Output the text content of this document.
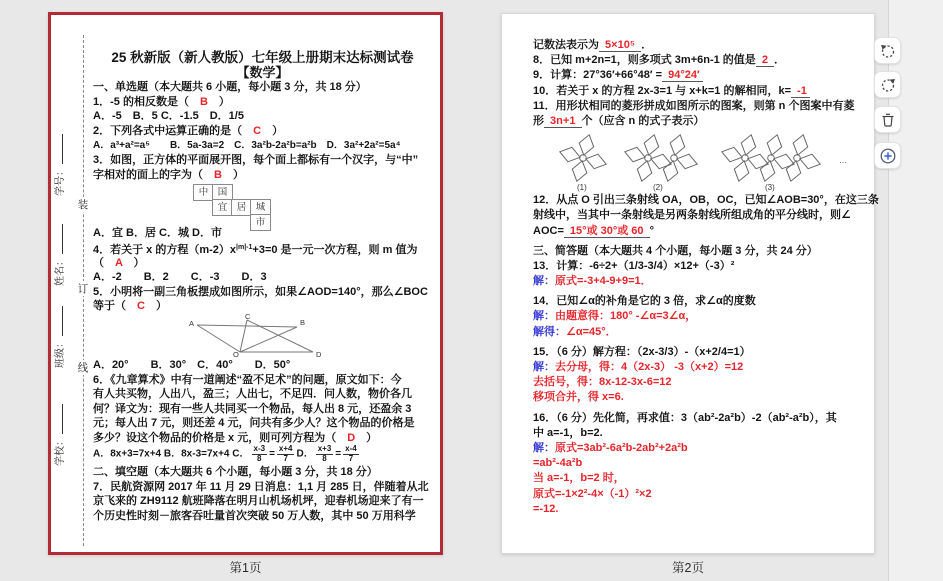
装
订
线
学号：
姓名：
班级：
学校：
25 秋新版（新人教版）七年级上册期末达标测试卷
【数学】
一、单选题（本大题共 6 小题，每小题 3 分，共 18 分）
1．-5 的相反数是（　B　）
A．-5　B．5 C．-1.5　D．1/5
2．下列各式中运算正确的是（　C　）
A．a³+a²=a⁵　　B．5a-3a=2　C．3a²b-2a²b=a²b　D．3a²+2a²=5a⁴
3．如图，正方体的平面展开图，每个面上都标有一个汉字，与“中”
字相对的面上的字为（　B　）
中 国
宜 居 城
市
A．宜 B．居 C．城 D．市
4．若关于 x 的方程$(m-2)x^{|m|-1}+3=0$ 是一元一次方程，则 m 值为
（　A　）
A．-2　　B．2　　C．-3　　D．3
5．小明将一副三角板摆成如图所示，如果∠AOD=140°，那么∠BOC
等于（　C　）
A
C
B
O	D
A．20°　　B．30°　C．40°　　D．50°
6．《九章算术》中有一道阐述“盈不足术”的问题，原文如下：今
有人共买物，人出八，盈三；人出七，不足四．问人数，物价各几
何？译文为：现有一些人共同买一个物品，每人出 8 元，还盈余 3
元；每人出 7 元，则还差 4 元，问共有多少人？这个物品的价格是
多少？设这个物品的价格是 x 元，则可列方程为（　D　）
A．8x+3=7x+4 B．8x-3=7x+4 C． $\frac{x-3}{8} = \frac{x+4}{7}$ D． $\frac{x+3}{8} = \frac{x-4}{7}$
二、填空题（本大题共 6 个小题，每小题 3 分，共 18 分）
7．民航资源网 2017 年 11 月 29 日消息：1,1 月 285 日，伴随着从北
京飞来的 ZH9112 航班降落在明月山机场机坪，迎春机场迎来了有一
个历史性时刻－旅客吞吐量首次突破 50 万人数，其中 50 万用科学
记数法表示为 5×10⁵ ．
8．已知 m+2n=1，则多项式 3m+6n-1 的值是 2 ．
9．计算：27°36′+66°48′ = 94°24′
10．若关于 x 的方程 2x-3=1 与 x+k=1 的解相同，k= -1
11．用形状相同的菱形拼成如图所示的图案，则第 n 个图案中有菱
形 3n+1 个（应含 n 的式子表示）
(1)	(2)	(3)
···
12．从点 O 引出三条射线 OA，OB，OC，已知∠AOB=30°，在这三条
射线中，当其中一条射线是另两条射线所组成角的平分线时，则∠
AOC= 15°或 30°或 60 °
三、简答题（本大题共 4 个小题，每小题 3 分，共 24 分）
13．计算：-6÷2+（1/3-3/4）×12+（-3）²
解：原式=-3+4-9+9=1．
14．已知∠α的补角是它的 3 倍，求∠α的度数
解：由题意得：180° -∠α=3∠α，
解得：∠α=45°．
15．（6 分）解方程：（2x-3/3）-（x+2/4=1）
解：去分母，得：4（2x-3） -3（x+2）=12
去括号，得：8x-12-3x-6=12
移项合并，得 x=6.
16．（6 分）先化简，再求值：3（ab²-2a²b）-2（ab²-a²b），其
中 a=-1，b=2.
解：原式=3ab²-6a²b-2ab²+2a²b
=ab²-4a²b
当 a=-1，b=2 时，
原式=-1×2²-4×（-1）²×2
=-12.
第1页	第2页
